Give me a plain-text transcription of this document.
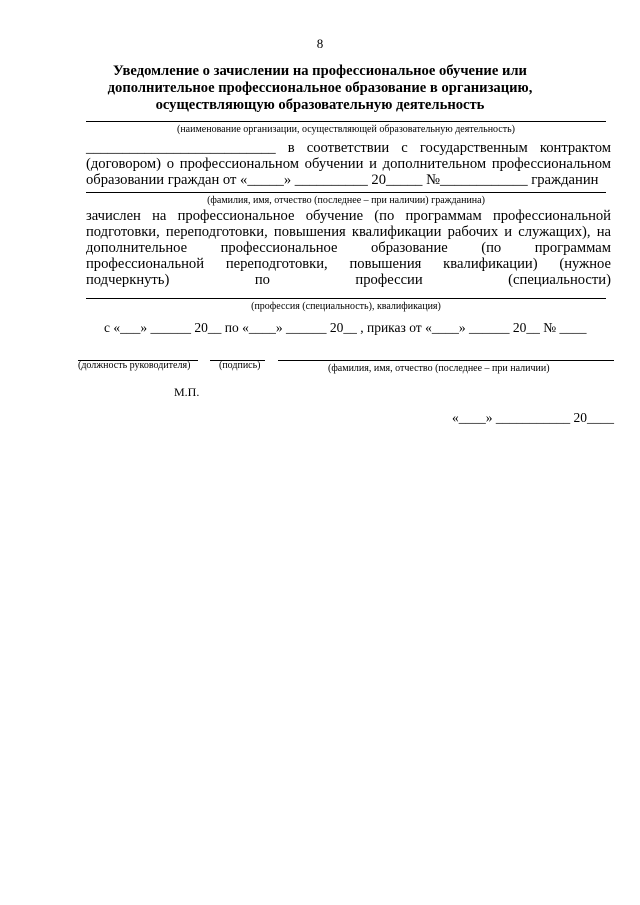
8
Уведомление о зачислении на профессиональное обучение или
дополнительное профессиональное образование в организацию,
осуществляющую образовательную деятельность
(наименование организации, осуществляющей образовательную деятельность)
__________________________ в соответствии с государственным контрактом
(договором) о профессиональном обучении и дополнительном профессиональном
образовании граждан от «_____» __________ 20_____ №____________ гражданин
(фамилия, имя, отчество (последнее – при наличии) гражданина)
зачислен на профессиональное обучение (по программам профессиональной
подготовки, переподготовки, повышения квалификации рабочих и служащих), на
дополнительное профессиональное образование (по программам
профессиональной переподготовки, повышения квалификации) (нужное
подчеркнуть)	по	профессии	(специальности)
(профессия (специальность), квалификация)
с «___» ______ 20__ по «____» ______ 20__ , приказ от «____» ______ 20__ № ____
(должность руководителя)	(подпись)	(фамилия, имя, отчество (последнее – при наличии)
М.П.
«____» ___________ 20____
